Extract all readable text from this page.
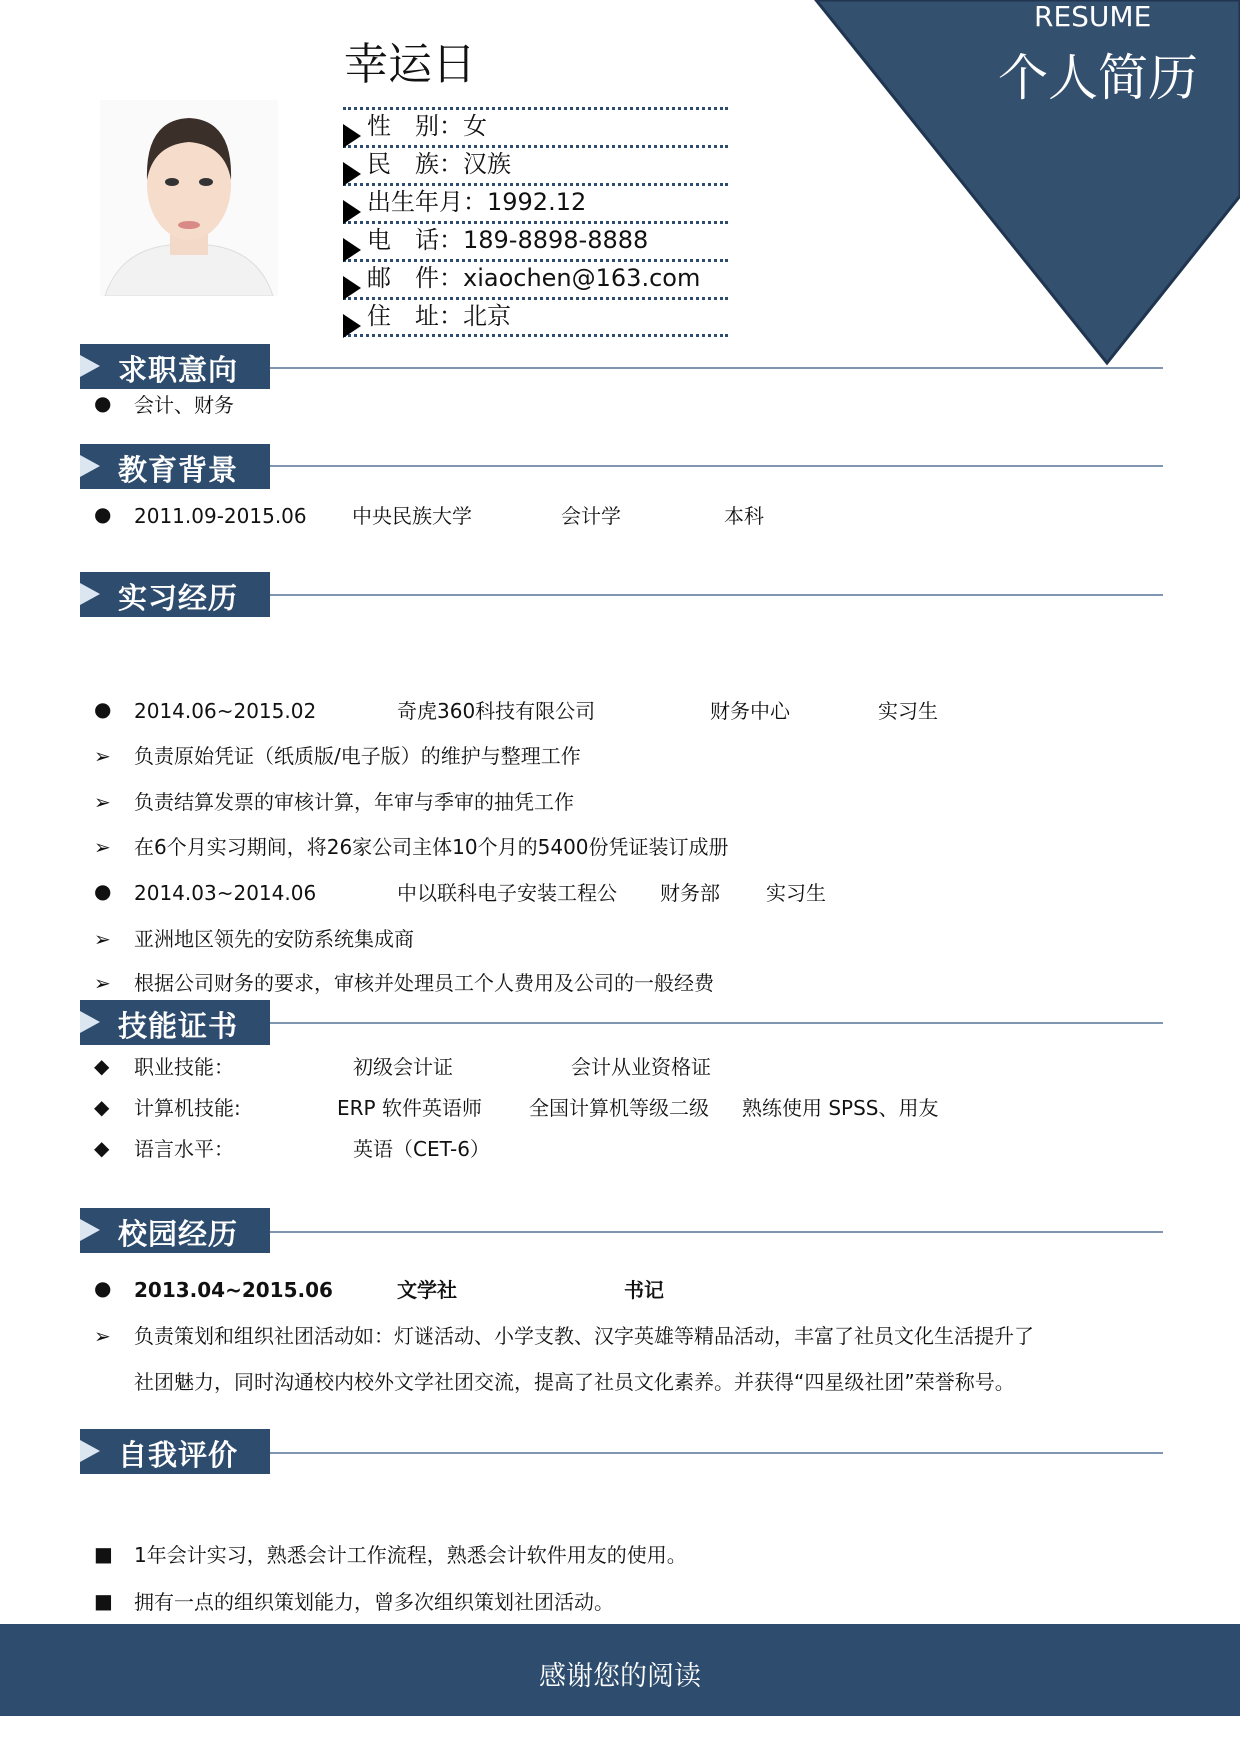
RESUME
个人简历
幸运日
性　别：女
民　族：汉族
出生年月：1992.12
电　话：189-8898-8888
邮　件：xiaochen@163.com
住　址：北京
求职意向
● 会计、财务
教育背景
● 2011.09-2015.06 中央民族大学	会计学	本科
实习经历
● 2014.06~2015.02	奇虎360科技有限公司	财务中心	实习生
➢ 负责原始凭证（纸质版/电子版）的维护与整理工作
➢ 负责结算发票的审核计算，年审与季审的抽凭工作
➢ 在6个月实习期间，将26家公司主体10个月的5400份凭证装订成册
● 2014.03~2014.06	中以联科电子安装工程公 财务部 实习生
➢ 亚洲地区领先的安防系统集成商
➢ 根据公司财务的要求，审核并处理员工个人费用及公司的一般经费
技能证书
◆ 职业技能：	初级会计证	会计从业资格证
◆ 计算机技能:	ERP 软件英语师 全国计算机等级二级 熟练使用 SPSS、用友
◆ 语言水平：	英语（CET-6）
校园经历
● 2013.04~2015.06	文学社	书记
➢ 负责策划和组织社团活动如：灯谜活动、小学支教、汉字英雄等精品活动，丰富了社员文化生活提升了
社团魅力，同时沟通校内校外文学社团交流，提高了社员文化素养。并获得“四星级社团”荣誉称号。
自我评价
■ 1年会计实习，熟悉会计工作流程，熟悉会计软件用友的使用。
■ 拥有一点的组织策划能力，曾多次组织策划社团活动。
感谢您的阅读
